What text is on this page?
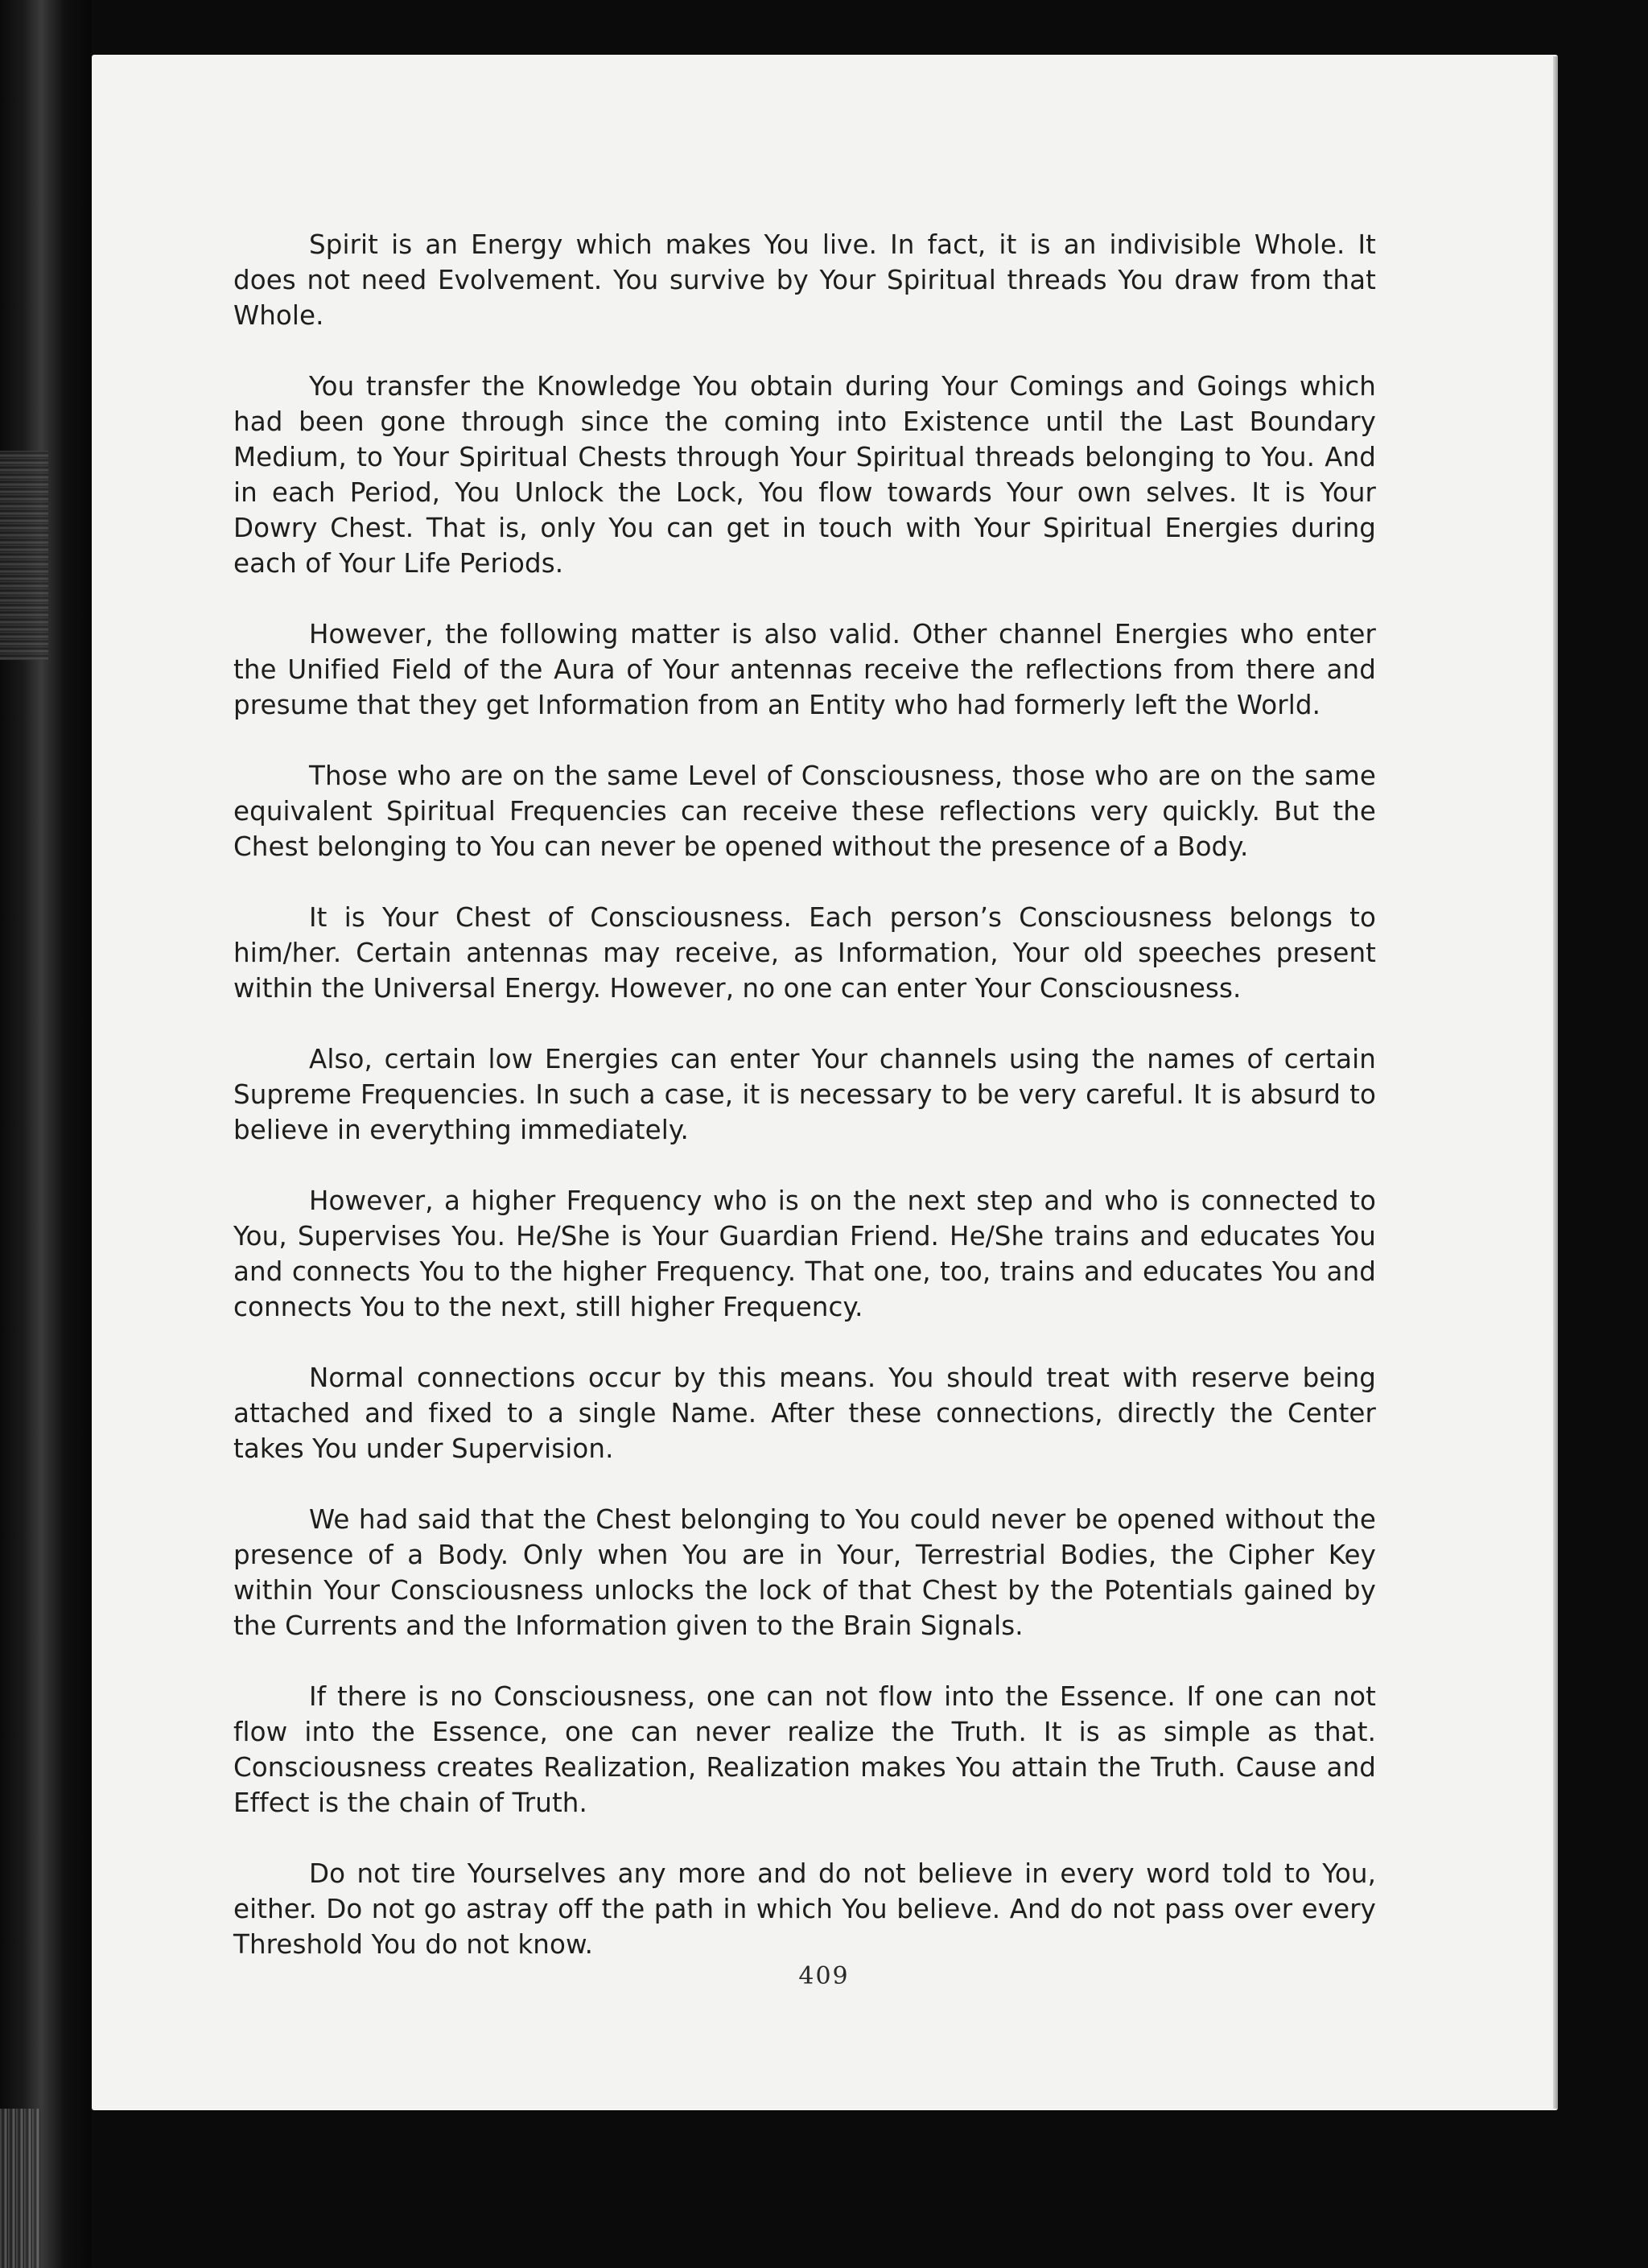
Spirit is an Energy which makes You live. In fact, it is an indivisible Whole. It does not need Evolvement. You survive by Your Spiritual threads You draw from that Whole.

You transfer the Knowledge You obtain during Your Comings and Goings which had been gone through since the coming into Existence until the Last Boundary Medium, to Your Spiritual Chests through Your Spiritual threads belonging to You. And in each Period, You Unlock the Lock, You flow towards Your own selves. It is Your Dowry Chest. That is, only You can get in touch with Your Spiritual Energies during each of Your Life Periods.

However, the following matter is also valid. Other channel Energies who enter the Unified Field of the Aura of Your antennas receive the reflections from there and presume that they get Information from an Entity who had formerly left the World.

Those who are on the same Level of Consciousness, those who are on the same equivalent Spiritual Frequencies can receive these reflections very quickly. But the Chest belonging to You can never be opened without the presence of a Body.

It is Your Chest of Consciousness. Each person’s Consciousness belongs to him/her. Certain antennas may receive, as Information, Your old speeches present within the Universal Energy. However, no one can enter Your Consciousness.

Also, certain low Energies can enter Your channels using the names of certain Supreme Frequencies. In such a case, it is necessary to be very careful. It is absurd to believe in everything immediately.

However, a higher Frequency who is on the next step and who is connected to You, Supervises You. He/She is Your Guardian Friend. He/She trains and educates You and connects You to the higher Frequency. That one, too, trains and educates You and connects You to the next, still higher Frequency.

Normal connections occur by this means. You should treat with reserve being attached and fixed to a single Name. After these connections, directly the Center takes You under Supervision.

We had said that the Chest belonging to You could never be opened without the presence of a Body. Only when You are in Your, Terrestrial Bodies, the Cipher Key within Your Consciousness unlocks the lock of that Chest by the Potentials gained by the Currents and the Information given to the Brain Signals.

If there is no Consciousness, one can not flow into the Essence. If one can not flow into the Essence, one can never realize the Truth. It is as simple as that. Consciousness creates Realization, Realization makes You attain the Truth. Cause and Effect is the chain of Truth.

Do not tire Yourselves any more and do not believe in every word told to You, either. Do not go astray off the path in which You believe. And do not pass over every Threshold You do not know.

409
